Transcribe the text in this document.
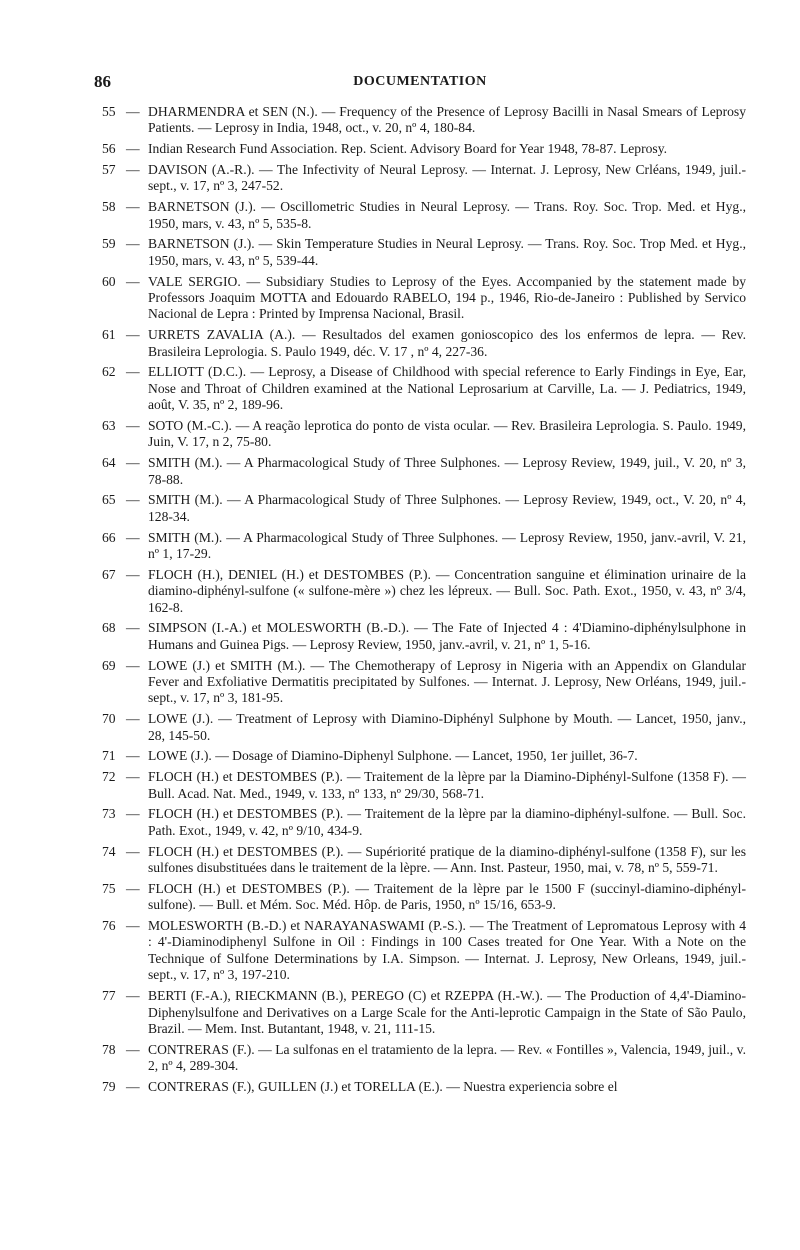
86	DOCUMENTATION
55 — DHARMENDRA et SEN (N.). — Frequency of the Presence of Leprosy Bacilli in Nasal Smears of Leprosy Patients. — Leprosy in India, 1948, oct., v. 20, nº 4, 180-84.
56 — Indian Research Fund Association. Rep. Scient. Advisory Board for Year 1948, 78-87. Leprosy.
57 — DAVISON (A.-R.). — The Infectivity of Neural Leprosy. — Internat. J. Leprosy, New Crléans, 1949, juil.-sept., v. 17, nº 3, 247-52.
58 — BARNETSON (J.). — Oscillometric Studies in Neural Leprosy. — Trans. Roy. Soc. Trop. Med. et Hyg., 1950, mars, v. 43, nº 5, 535-8.
59 — BARNETSON (J.). — Skin Temperature Studies in Neural Leprosy. — Trans. Roy. Soc. Trop Med. et Hyg., 1950, mars, v. 43, nº 5, 539-44.
60 — VALE SERGIO. — Subsidiary Studies to Leprosy of the Eyes. Accompanied by the statement made by Professors Joaquim MOTTA and Edouardo RABELO, 194 p., 1946, Rio-de-Janeiro : Published by Servico Nacional de Lepra : Printed by Imprensa Nacional, Brasil.
61 — URRETS ZAVALIA (A.). — Resultados del examen gonioscopico des los enfermos de lepra. — Rev. Brasileira Leprologia. S. Paulo 1949, déc. V. 17 , nº 4, 227-36.
62 — ELLIOTT (D.C.). — Leprosy, a Disease of Childhood with special reference to Early Findings in Eye, Ear, Nose and Throat of Children examined at the National Leprosarium at Carville, La. — J. Pediatrics, 1949, août, V. 35, nº 2, 189-96.
63 — SOTO (M.-C.). — A reação leprotica do ponto de vista ocular. — Rev. Brasileira Leprologia. S. Paulo. 1949, Juin, V. 17, n 2, 75-80.
64 — SMITH (M.). — A Pharmacological Study of Three Sulphones. — Leprosy Review, 1949, juil., V. 20, nº 3, 78-88.
65 — SMITH (M.). — A Pharmacological Study of Three Sulphones. — Leprosy Review, 1949, oct., V. 20, nº 4, 128-34.
66 — SMITH (M.). — A Pharmacological Study of Three Sulphones. — Leprosy Review, 1950, janv.-avril, V. 21, nº 1, 17-29.
67 — FLOCH (H.), DENIEL (H.) et DESTOMBES (P.). — Concentration sanguine et élimination urinaire de la diamino-diphényl-sulfone (« sulfone-mère ») chez les lépreux. — Bull. Soc. Path. Exot., 1950, v. 43, nº 3/4, 162-8.
68 — SIMPSON (I.-A.) et MOLESWORTH (B.-D.). — The Fate of Injected 4 : 4'Diamino-diphénylsulphone in Humans and Guinea Pigs. — Leprosy Review, 1950, janv.-avril, v. 21, nº 1, 5-16.
69 — LOWE (J.) et SMITH (M.). — The Chemotherapy of Leprosy in Nigeria with an Appendix on Glandular Fever and Exfoliative Dermatitis precipitated by Sulfones. — Internat. J. Leprosy, New Orléans, 1949, juil.-sept., v. 17, nº 3, 181-95.
70 — LOWE (J.). — Treatment of Leprosy with Diamino-Diphényl Sulphone by Mouth. — Lancet, 1950, janv., 28, 145-50.
71 — LOWE (J.). — Dosage of Diamino-Diphenyl Sulphone. — Lancet, 1950, 1er juillet, 36-7.
72 — FLOCH (H.) et DESTOMBES (P.). — Traitement de la lèpre par la Diamino-Diphényl-Sulfone (1358 F). — Bull. Acad. Nat. Med., 1949, v. 133, nº 133, nº 29/30, 568-71.
73 — FLOCH (H.) et DESTOMBES (P.). — Traitement de la lèpre par la diamino-diphényl-sulfone. — Bull. Soc. Path. Exot., 1949, v. 42, nº 9/10, 434-9.
74 — FLOCH (H.) et DESTOMBES (P.). — Supériorité pratique de la diamino-diphényl-sulfone (1358 F), sur les sulfones disubstituées dans le traitement de la lèpre. — Ann. Inst. Pasteur, 1950, mai, v. 78, nº 5, 559-71.
75 — FLOCH (H.) et DESTOMBES (P.). — Traitement de la lèpre par le 1500 F (succinyl-diamino-diphényl-sulfone). — Bull. et Mém. Soc. Méd. Hôp. de Paris, 1950, nº 15/16, 653-9.
76 — MOLESWORTH (B.-D.) et NARAYANASWAMI (P.-S.). — The Treatment of Lepromatous Leprosy with 4 : 4'-Diaminodiphenyl Sulfone in Oil : Findings in 100 Cases treated for One Year. With a Note on the Technique of Sulfone Determinations by I.A. Simpson. — Internat. J. Leprosy, New Orleans, 1949, juil.-sept., v. 17, nº 3, 197-210.
77 — BERTI (F.-A.), RIECKMANN (B.), PEREGO (C) et RZEPPA (H.-W.). — The Production of 4,4'-Diamino-Diphenylsulfone and Derivatives on a Large Scale for the Anti-leprotic Campaign in the State of São Paulo, Brazil. — Mem. Inst. Butantant, 1948, v. 21, 111-15.
78 — CONTRERAS (F.). — La sulfonas en el tratamiento de la lepra. — Rev. « Fontilles », Valencia, 1949, juil., v. 2, nº 4, 289-304.
79 — CONTRERAS (F.), GUILLEN (J.) et TORELLA (E.). — Nuestra experiencia sobre el
